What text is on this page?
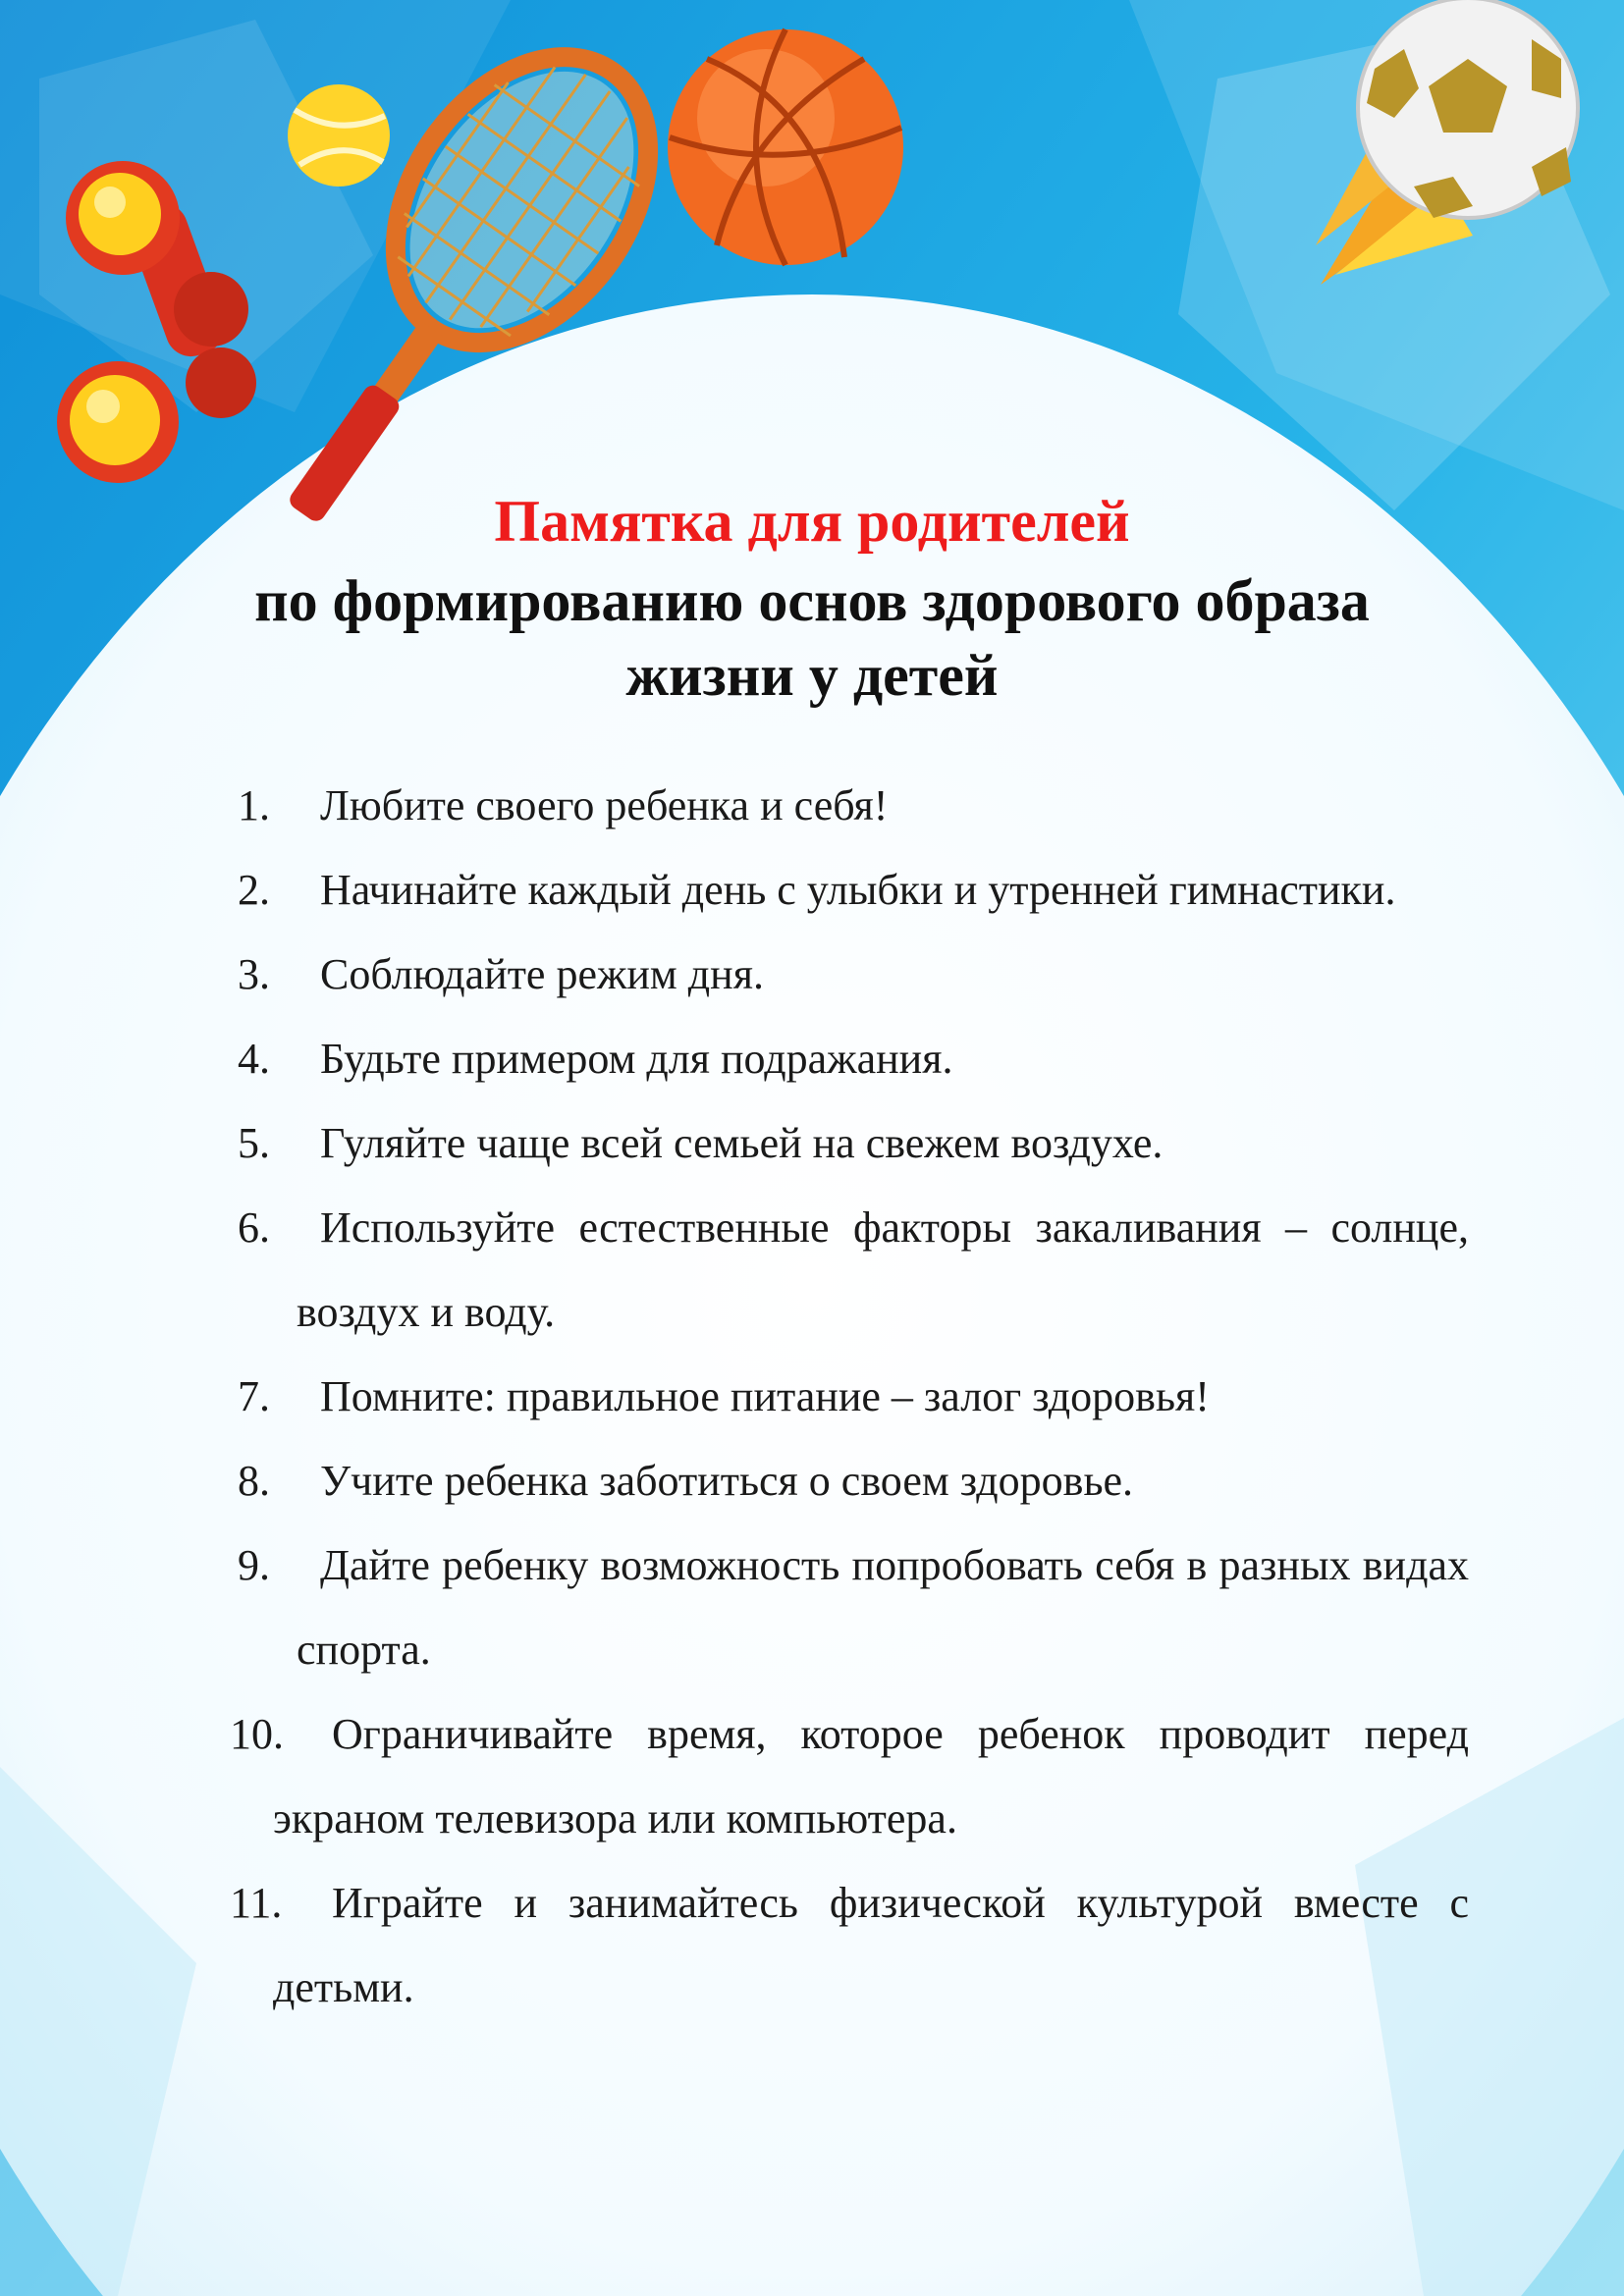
Памятка для родителей
по формированию основ здорового образа
жизни у детей
1. Любите своего ребенка и себя!
2. Начинайте каждый день с улыбки и утренней гимнастики.
3. Соблюдайте режим дня.
4. Будьте примером для подражания.
5. Гуляйте чаще всей семьей на свежем воздухе.
6. Используйте естественные факторы закаливания – солнце, воздух и воду.
7. Помните: правильное питание – залог здоровья!
8. Учите ребенка заботиться о своем здоровье.
9. Дайте ребенку возможность попробовать себя в разных видах спорта.
10. Ограничивайте время, которое ребенок проводит перед экраном телевизора или компьютера.
11. Играйте и занимайтесь физической культурой вместе с детьми.
